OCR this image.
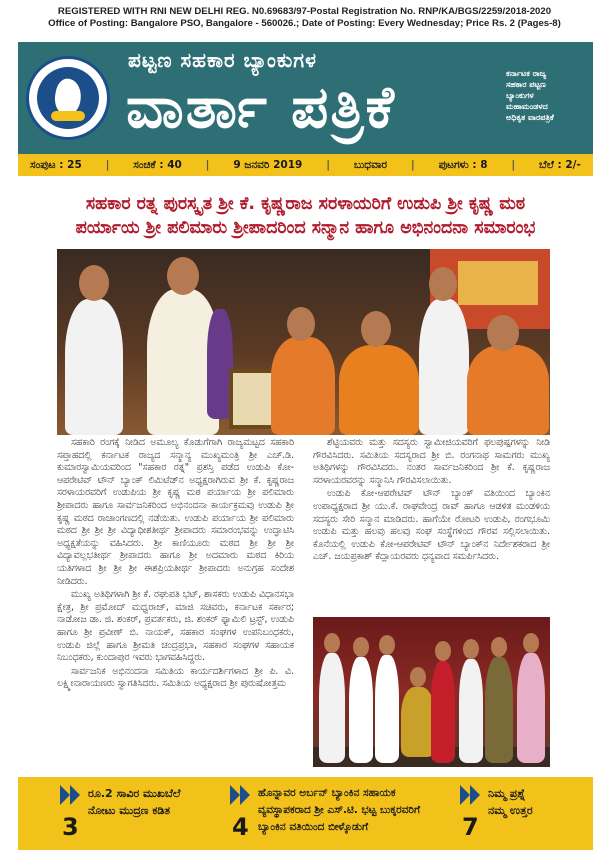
REGISTERED WITH RNI NEW DELHI REG. N0.69683/97-Postal Registration No. RNP/KA/BGS/2259/2018-2020
Office of Posting: Bangalore PSO, Bangalore - 560026.; Date of Posting: Every Wednesday; Price Rs. 2 (Pages-8)
ಪಟ್ಟಣ ಸಹಕಾರ ಬ್ಯಾಂಕುಗಳ
ವಾರ್ತಾ ಪತ್ರಿಕೆ	ಕರ್ನಾಟಕ ರಾಜ್ಯ
ಸಹಕಾರ ಪಟ್ಟಣ
ಬ್ಯಾಂಕುಗಳ
ಮಹಾಮಂಡಳದ
ಅಧಿಕೃತ ವಾರಪತ್ರಿಕೆ
ಸಂಪುಟ : 25 | ಸಂಚಿಕೆ : 40 | 9 ಜನವರಿ 2019 | ಬುಧವಾರ | ಪುಟಗಳು : 8 | ಬೆಲೆ : 2/-
ಸಹಕಾರ ರತ್ನ ಪುರಸ್ಕೃತ ಶ್ರೀ ಕೆ. ಕೃಷ್ಣರಾಜ ಸರಳಾಯರಿಗೆ ಉಡುಪಿ ಶ್ರೀ ಕೃಷ್ಣ ಮಠ
ಪರ್ಯಾಯ ಶ್ರೀ ಪಲಿಮಾರು ಶ್ರೀಪಾದರಿಂದ ಸನ್ಮಾನ ಹಾಗೂ ಅಭಿನಂದನಾ ಸಮಾರಂಭ

ಸಹಕಾರಿ ರಂಗಕ್ಕೆ ನೀಡಿದ ಅಮೂಲ್ಯ ಕೊಡುಗೆಗಾಗಿ ರಾಜ್ಯಮಟ್ಟದ ಸಹಕಾರಿ ಸಪ್ತಾಹದಲ್ಲಿ ಕರ್ನಾಟಕ ರಾಜ್ಯದ ಸನ್ಮಾನ್ಯ ಮುಖ್ಯಮಂತ್ರಿ ಶ್ರೀ ಎಚ್.ಡಿ. ಕುಮಾರಸ್ವಾಮಿಯವರಿಂದ "ಸಹಕಾರ ರತ್ನ" ಪ್ರಶಸ್ತಿ ಪಡೆದ ಉಡುಪಿ ಕೋ-ಆಪರೇಟಿವ್ ಟೌನ್ ಬ್ಯಾಂಕ್ ಲಿಮಿಟೆಡ್‌ನ ಅಧ್ಯಕ್ಷರಾಗಿರುವ ಶ್ರೀ ಕೆ. ಕೃಷ್ಣರಾಜ ಸರಳಾಯರವರಿಗೆ ಉಡುಪಿಯ ಶ್ರೀ ಕೃಷ್ಣ ಮಠ ಪರ್ಯಾಯ ಶ್ರೀ ಪಲಿಮಾರು ಶ್ರೀಪಾದರು ಹಾಗೂ ಸಾರ್ವಜನಿಕರಿಂದ ಅಭಿನಂದನಾ ಕಾರ್ಯಕ್ರಮವು ಉಡುಪಿ ಶ್ರೀ ಕೃಷ್ಣ ಮಠದ ರಾಜಾಂಗಣದಲ್ಲಿ ನಡೆಯಿತು. ಉಡುಪಿ ಪರ್ಯಾಯ ಶ್ರೀ ಪಲಿಮಾರು ಮಠದ ಶ್ರೀ ಶ್ರೀ ಶ್ರೀ ವಿದ್ಯಾಧೀಶತೀರ್ಥ ಶ್ರೀಪಾದರು ಸಮಾರಂಭವನ್ನು ಉದ್ಘಾಟಿಸಿ ಅಧ್ಯಕ್ಷತೆಯನ್ನು ವಹಿಸಿದರು. ಶ್ರೀ ಕಾಣಿಯೂರು ಮಠದ ಶ್ರೀ ಶ್ರೀ ಶ್ರೀ ವಿದ್ಯಾವಲ್ಲಭತೀರ್ಥ ಶ್ರೀಪಾದರು ಹಾಗೂ ಶ್ರೀ ಅದಮಾರು ಮಠದ ಕಿರಿಯ ಯತಿಗಳಾದ ಶ್ರೀ ಶ್ರೀ ಶ್ರೀ ಈಶಪ್ರಿಯತೀರ್ಥ ಶ್ರೀಪಾದರು ಅನುಗ್ರಹ ಸಂದೇಶ ನೀಡಿದರು.

ಮುಖ್ಯ ಅತಿಥಿಗಳಾಗಿ ಶ್ರೀ ಕೆ. ರಘುಪತಿ ಭಟ್, ಶಾಸಕರು ಉಡುಪಿ ವಿಧಾನಸಭಾ ಕ್ಷೇತ್ರ, ಶ್ರೀ ಪ್ರಮೋದ್ ಮಧ್ವರಾಜ್, ಮಾಜಿ ಸಚಿವರು, ಕರ್ನಾಟಕ ಸರ್ಕಾರ; ನಾಡೋಜ ಡಾ. ಜಿ. ಶಂಕರ್, ಪ್ರವರ್ತಕರು, ಜಿ. ಶಂಕರ್ ಫ್ಯಾಮಿಲಿ ಟ್ರಸ್ಟ್, ಉಡುಪಿ ಹಾಗೂ ಶ್ರೀ ಪ್ರವೀಣ್ ಬಿ. ನಾಯಕ್, ಸಹಕಾರ ಸಂಘಗಳ ಉಪನಿಬಂಧಕರು, ಉಡುಪಿ ಜಿಲ್ಲೆ ಹಾಗೂ ಶ್ರೀಮತಿ ಚಂದ್ರಪ್ರಭಾ, ಸಹಕಾರ ಸಂಘಗಳ ಸಹಾಯಕ ನಿಬಂಧಕರು, ಕುಂದಾಪುರ ಇವರು ಭಾಗವಹಿಸಿದ್ದರು.

ಸಾರ್ವಜನಿಕ ಅಭಿನಂದನಾ ಸಮಿತಿಯ ಕಾರ್ಯದರ್ಶಿಗಳಾದ ಶ್ರೀ ಪಿ. ವಿ. ಲಕ್ಷ್ಮೀನಾರಾಯಣರು ಸ್ವಾಗತಿಸಿದರು. ಸಮಿತಿಯ ಅಧ್ಯಕ್ಷರಾದ ಶ್ರೀ ಪುರುಷೋತ್ತಮ

ಶೆಟ್ಟಿಯವರು ಮತ್ತು ಸದಸ್ಯರು ಸ್ವಾಮೀಜಿಯವರಿಗೆ ಫಲಪುಷ್ಪಗಳನ್ನು ನೀಡಿ ಗೌರವಿಸಿದರು. ಸಮಿತಿಯ ಸದಸ್ಯರಾದ ಶ್ರೀ ಬಿ. ರಂಗನಾಥ ಸಾಮಗರು ಮುಖ್ಯ ಅತಿಥಿಗಳನ್ನು ಗೌರವಿಸಿದರು. ನಂತರ ಸಾರ್ವಜನಿಕರಿಂದ ಶ್ರೀ ಕೆ. ಕೃಷ್ಣರಾಜ ಸರಳಾಯರವರನ್ನು ಸನ್ಮಾನಿಸಿ ಗೌರವಿಸಲಾಯಿತು.

ಉಡುಪಿ ಕೋ-ಆಪರೇಟಿವ್ ಟೌನ್ ಬ್ಯಾಂಕ್ ವತಿಯಿಂದ ಬ್ಯಾಂಕಿನ ಉಪಾಧ್ಯಕ್ಷರಾದ ಶ್ರೀ ಯು.ಕೆ. ರಾಘವೇಂದ್ರ ರಾವ್ ಹಾಗೂ ಆಡಳಿತ ಮಂಡಳಿಯ ಸದಸ್ಯರು ಸೇರಿ ಸನ್ಮಾನ ಮಾಡಿದರು. ಹಾಗೆಯೇ ರೋಟರಿ ಉಡುಪಿ, ರಂಗಭೂಮಿ ಉಡುಪಿ ಮತ್ತು ಹಲವು ಹಲವು ಸಂಘ ಸಂಸ್ಥೆಗಳಿಂದ ಗೌರವ ಸಲ್ಲಿಸಲಾಯಿತು. ಕೊನೆಯಲ್ಲಿ ಉಡುಪಿ ಕೋ-ಆಪರೇಟಿವ್ ಟೌನ್ ಬ್ಯಾಂಕ್‌ನ ನಿರ್ದೇಶಕರಾದ ಶ್ರೀ ಎಚ್. ಜಯಪ್ರಕಾಶ್ ಕೆದ್ಲಾಯರವರು ಧನ್ಯವಾದ ಸಮರ್ಪಿಸಿದರು.

3
ರೂ.2 ಸಾವಿರ ಮುಖಬೆಲೆ
ನೋಟು ಮುದ್ರಣ ಕಡಿತ
4
ಹೊನ್ನಾವರ ಅರ್ಬನ್ ಬ್ಯಾಂಕಿನ ಸಹಾಯಕ
ವ್ಯವಸ್ಥಾಪಕರಾದ ಶ್ರೀ ಎಸ್.ಟಿ. ಭಟ್ಟ ಬುಕ್ಕರವರಿಗೆ
ಬ್ಯಾಂಕಿನ ವತಿಯಿಂದ ಬೀಳ್ಕೊಡುಗೆ	7
ನಿಮ್ಮ ಪ್ರಶ್ನೆ
ನಮ್ಮ ಉತ್ತರ
